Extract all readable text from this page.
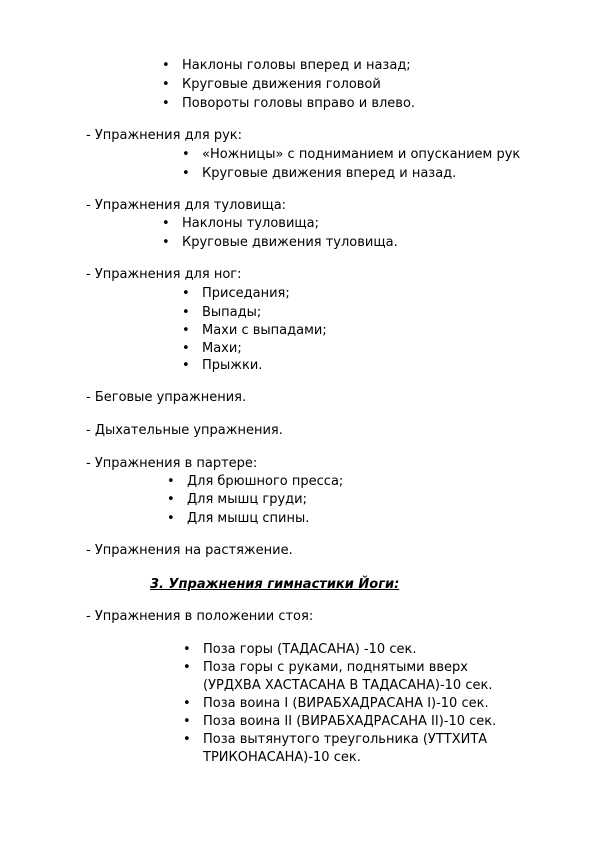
• Наклоны головы вперед и назад;
• Круговые движения головой
• Повороты головы вправо и влево.
- Упражнения для рук:
• «Ножницы» с подниманием и опусканием рук
• Круговые движения вперед и назад.
- Упражнения для туловища:
• Наклоны туловища;
• Круговые движения туловища.
- Упражнения для ног:
• Приседания;
• Выпады;
• Махи с выпадами;
• Махи;
• Прыжки.
- Беговые упражнения.
- Дыхательные упражнения.
- Упражнения в партере:
• Для брюшного пресса;
• Для мышц груди;
• Для мышц спины.
- Упражнения на растяжение.
3. Упражнения гимнастики Йоги:
- Упражнения в положении стоя:
• Поза горы (ТАДАСАНА) -10 сек.
• Поза горы с руками, поднятыми вверх
(УРДХВА ХАСТАСАНА В ТАДАСАНА)-10 сек.
• Поза воина I (ВИРАБХАДРАСАНА I)-10 сек.
• Поза воина II (ВИРАБХАДРАСАНА II)-10 сек.
• Поза вытянутого треугольника (УТТХИТА
ТРИКОНАСАНА)-10 сек.
